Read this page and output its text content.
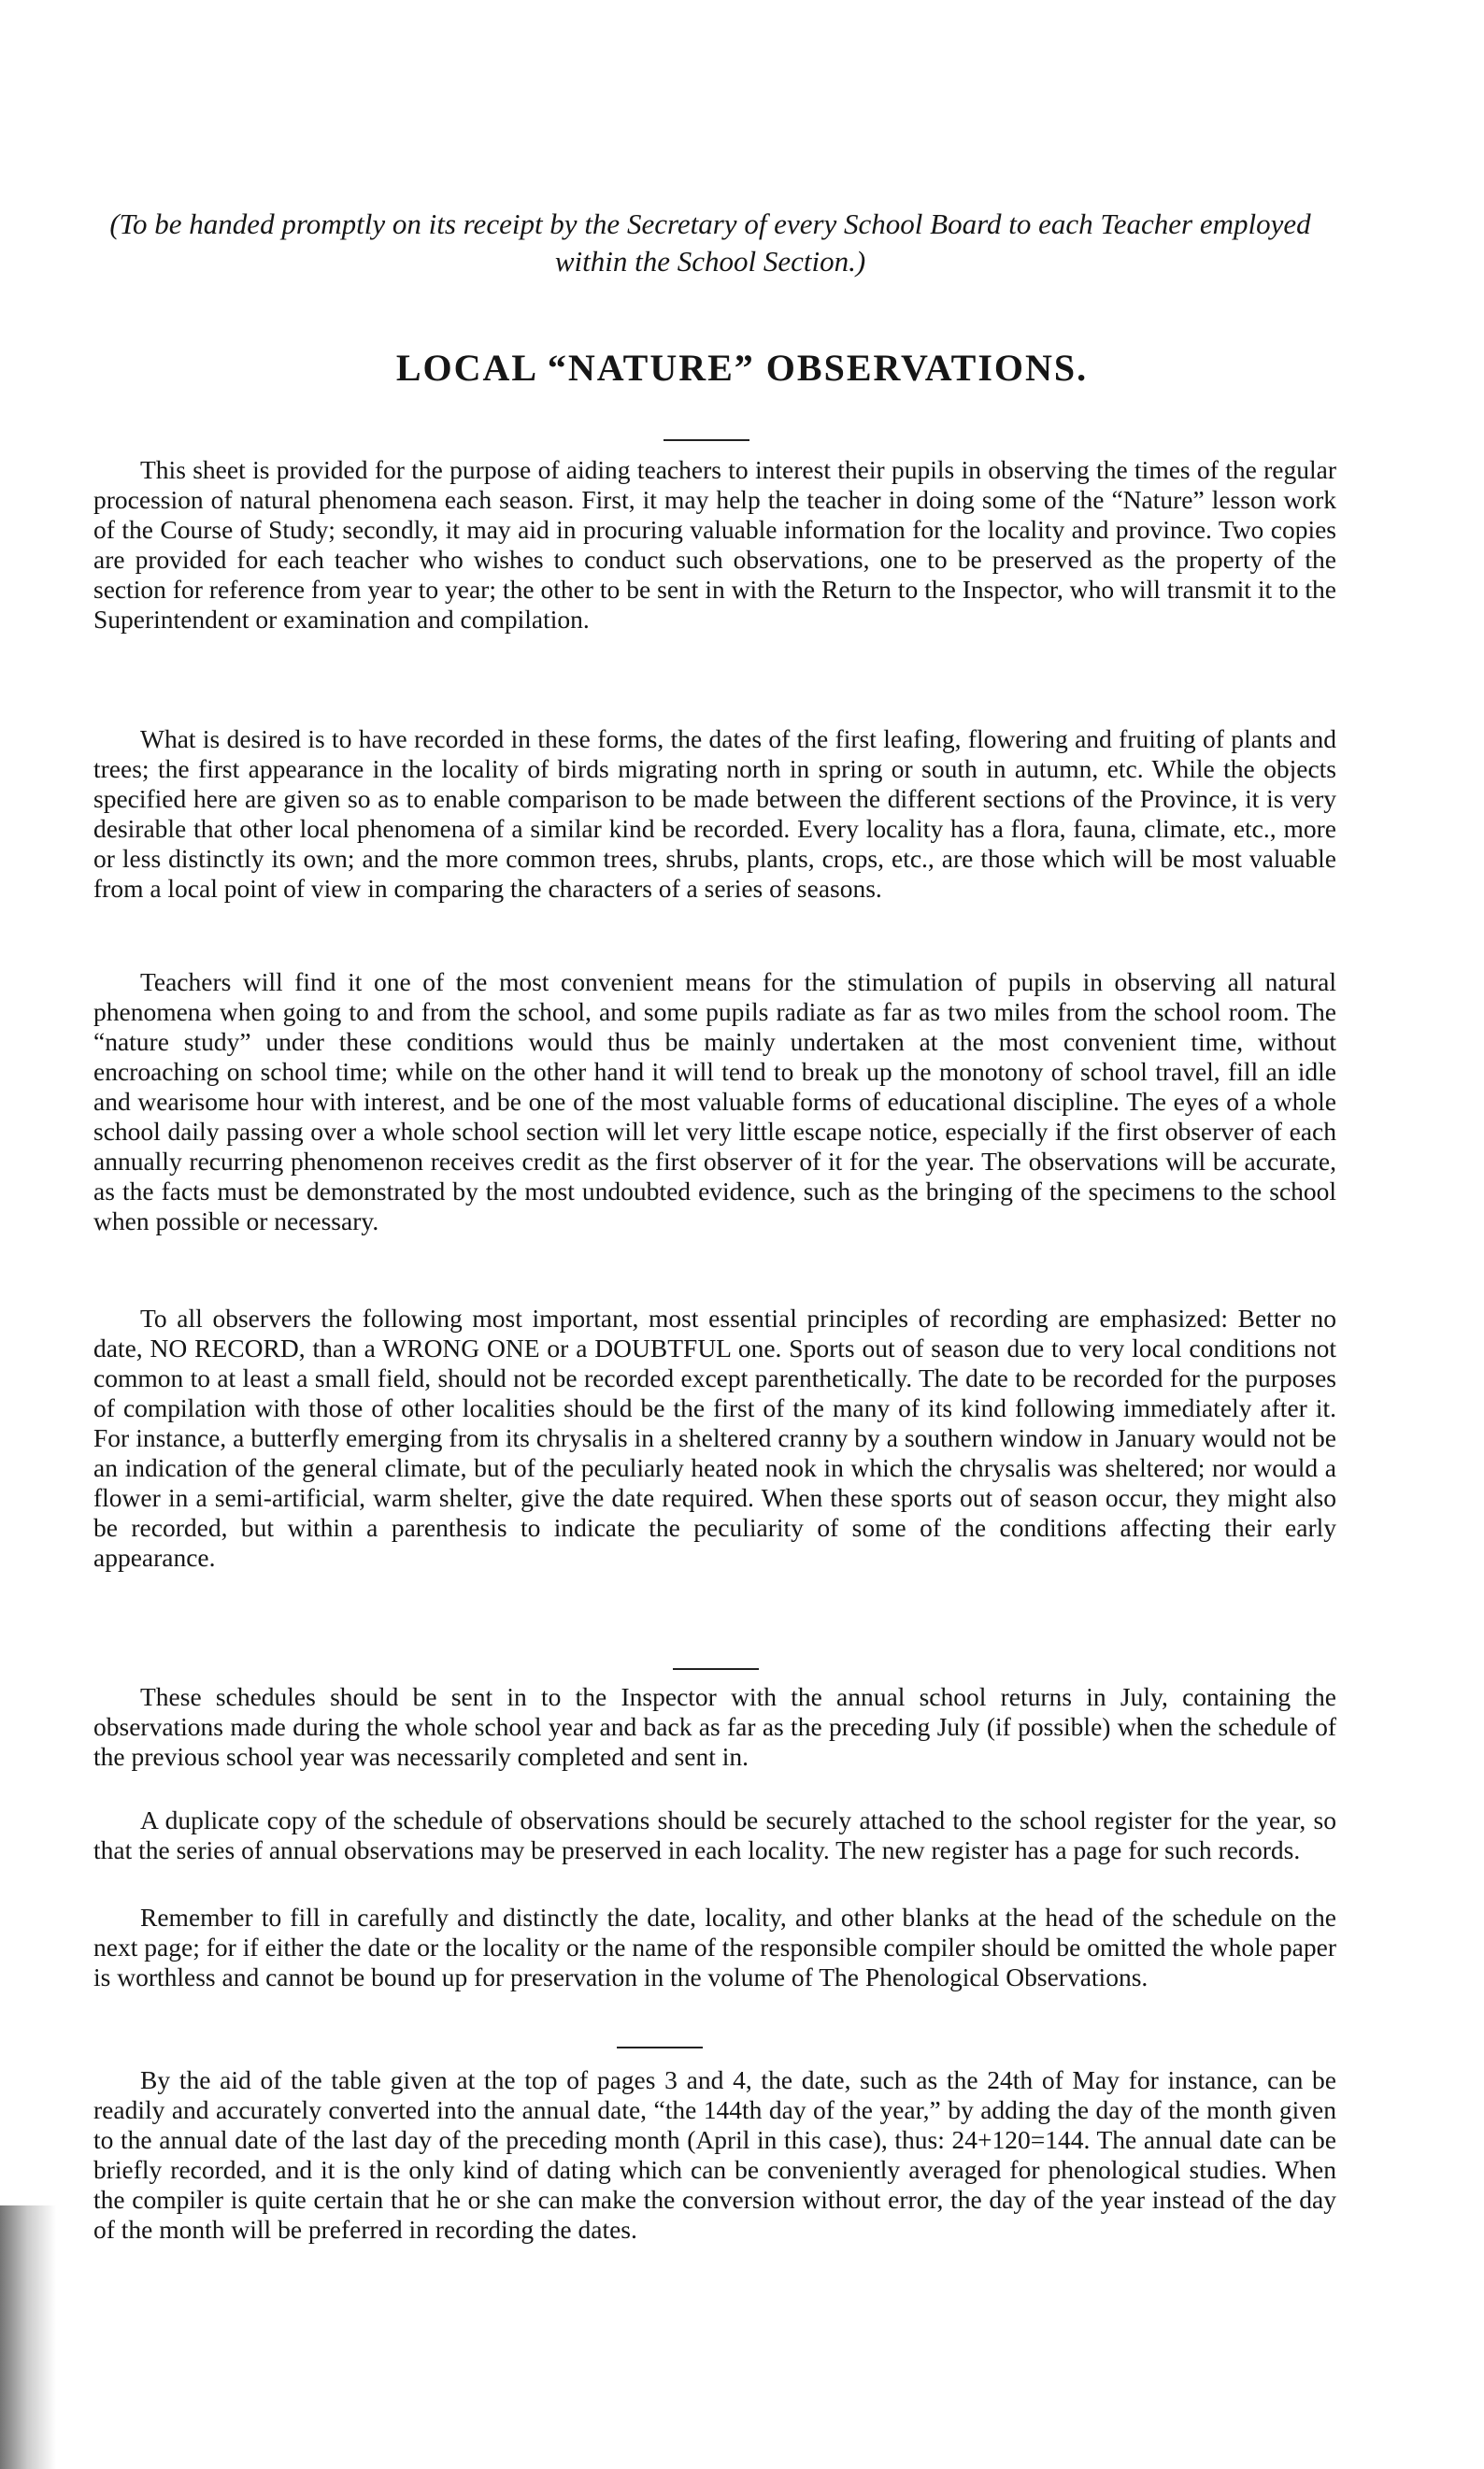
(To be handed promptly on its receipt by the Secretary of every School Board to each Teacher employed within the School Section.)
LOCAL “NATURE” OBSERVATIONS.

This sheet is provided for the purpose of aiding teachers to interest their pupils in observing the times of the regular procession of natural phenomena each season. First, it may help the teacher in doing some of the “Nature” lesson work of the Course of Study; secondly, it may aid in procuring valuable information for the locality and province. Two copies are provided for each teacher who wishes to conduct such observations, one to be preserved as the property of the section for reference from year to year; the other to be sent in with the Return to the Inspector, who will transmit it to the Superintendent or examination and compilation.

What is desired is to have recorded in these forms, the dates of the first leafing, flowering and fruiting of plants and trees; the first appearance in the locality of birds migrating north in spring or south in autumn, etc. While the objects specified here are given so as to enable comparison to be made between the different sections of the Province, it is very desirable that other local phenomena of a similar kind be recorded. Every locality has a flora, fauna, climate, etc., more or less distinctly its own; and the more common trees, shrubs, plants, crops, etc., are those which will be most valuable from a local point of view in comparing the characters of a series of seasons.

Teachers will find it one of the most convenient means for the stimulation of pupils in observing all natural phenomena when going to and from the school, and some pupils radiate as far as two miles from the school room. The “nature study” under these conditions would thus be mainly undertaken at the most convenient time, without encroaching on school time; while on the other hand it will tend to break up the monotony of school travel, fill an idle and wearisome hour with interest, and be one of the most valuable forms of educational discipline. The eyes of a whole school daily passing over a whole school section will let very little escape notice, especially if the first observer of each annually recurring phenomenon receives credit as the first observer of it for the year. The observations will be accurate, as the facts must be demonstrated by the most undoubted evidence, such as the bringing of the specimens to the school when possible or necessary.

To all observers the following most important, most essential principles of recording are emphasized: Better no date, NO RECORD, than a WRONG ONE or a DOUBTFUL one. Sports out of season due to very local conditions not common to at least a small field, should not be recorded except parenthetically. The date to be recorded for the purposes of compilation with those of other localities should be the first of the many of its kind following immediately after it. For instance, a butterfly emerging from its chrysalis in a sheltered cranny by a southern window in January would not be an indication of the general climate, but of the peculiarly heated nook in which the chrysalis was sheltered; nor would a flower in a semi-artificial, warm shelter, give the date required. When these sports out of season occur, they might also be recorded, but within a parenthesis to indicate the peculiarity of some of the conditions affecting their early appearance.

These schedules should be sent in to the Inspector with the annual school returns in July, containing the observations made during the whole school year and back as far as the preceding July (if possible) when the schedule of the previous school year was necessarily completed and sent in.

A duplicate copy of the schedule of observations should be securely attached to the school register for the year, so that the series of annual observations may be preserved in each locality. The new register has a page for such records.

Remember to fill in carefully and distinctly the date, locality, and other blanks at the head of the schedule on the next page; for if either the date or the locality or the name of the responsible compiler should be omitted the whole paper is worthless and cannot be bound up for preservation in the volume of The Phenological Observations.

By the aid of the table given at the top of pages 3 and 4, the date, such as the 24th of May for instance, can be readily and accurately converted into the annual date, “the 144th day of the year,” by adding the day of the month given to the annual date of the last day of the preceding month (April in this case), thus: 24+120=144. The annual date can be briefly recorded, and it is the only kind of dating which can be conveniently averaged for phenological studies. When the compiler is quite certain that he or she can make the conversion without error, the day of the year instead of the day of the month will be preferred in recording the dates.
